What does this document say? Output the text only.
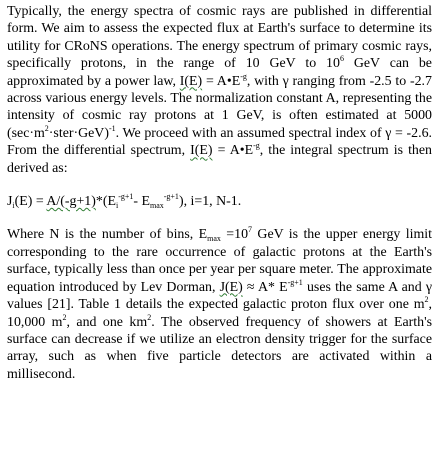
Typically, the energy spectra of cosmic rays are published in differential form. We aim to assess the expected flux at Earth's surface to determine its utility for CRoNS operations. The energy spectrum of primary cosmic rays, specifically protons, in the range of 10 GeV to $10^6$ GeV can be approximated by a power law, $I(E) = A•E^{-g}$, with γ ranging from -2.5 to -2.7 across various energy levels. The normalization constant A, representing the intensity of cosmic ray protons at 1 GeV, is often estimated at 5000 $(\sec\cdot m^2\cdot ster\cdot GeV)^{-1}$. We proceed with an assumed spectral index of γ = -2.6. From the differential spectrum, $I(E) = A•E^{-g}$, the integral spectrum is then derived as:

$J_i(E) = A/(-g+1)*(E_i^{-g+1}-$ $E_{max}^{-g+1}$), i=1, N-1.

Where N is the number of bins, $E_{max} =10^7$ GeV is the upper energy limit corresponding to the rare occurrence of galactic protons at the Earth's surface, typically less than once per year per square meter. The approximate equation introduced by Lev Dorman, J(E) ≈ A* $E^{-g+1}$ uses the same A and γ values [21]. Table 1 details the expected galactic proton flux over one $m^2$, 10,000 $m^2$, and one $km^2$. The observed frequency of showers at Earth's surface can decrease if we utilize an electron density trigger for the surface array, such as when five particle detectors are activated within a millisecond.
